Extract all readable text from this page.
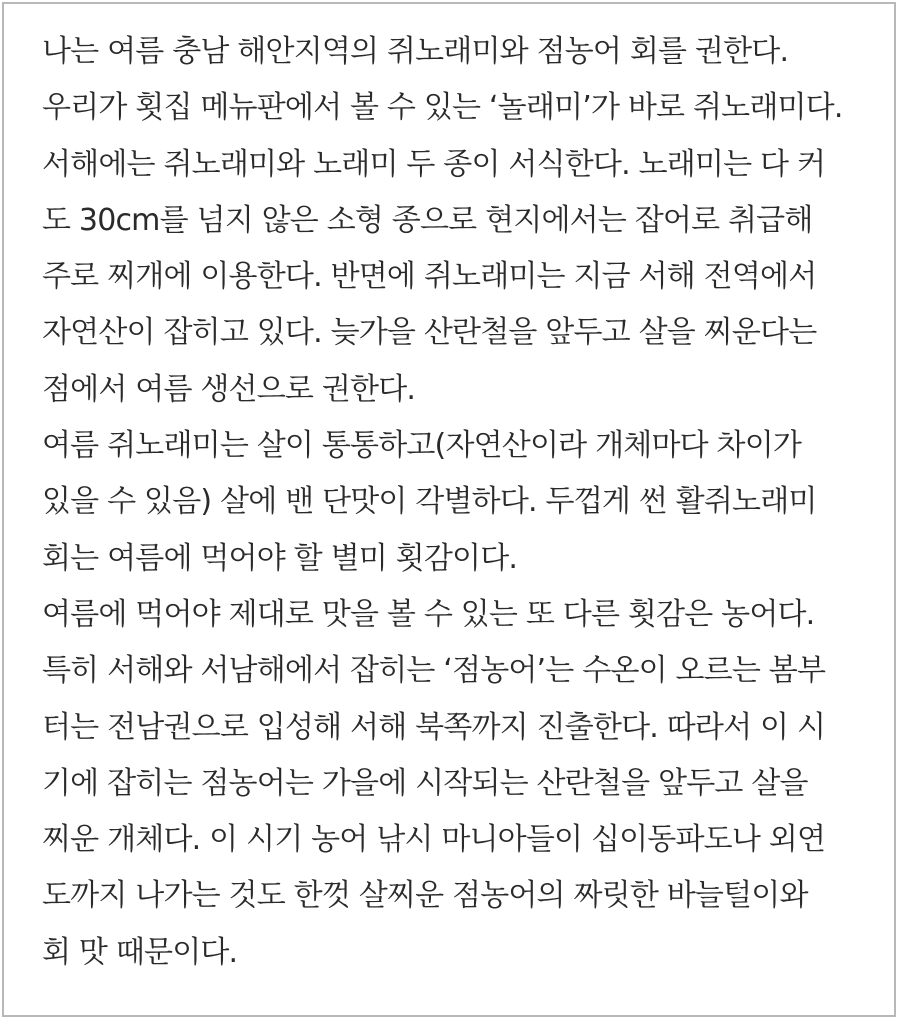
나는 여름 충남 해안지역의 쥐노래미와 점농어 회를 권한다.
우리가 횟집 메뉴판에서 볼 수 있는 ‘놀래미’가 바로 쥐노래미다.
서해에는 쥐노래미와 노래미 두 종이 서식한다. 노래미는 다 커
도 30cm를 넘지 않은 소형 종으로 현지에서는 잡어로 취급해
주로 찌개에 이용한다. 반면에 쥐노래미는 지금 서해 전역에서
자연산이 잡히고 있다. 늦가을 산란철을 앞두고 살을 찌운다는
점에서 여름 생선으로 권한다.
여름 쥐노래미는 살이 통통하고(자연산이라 개체마다 차이가
있을 수 있음) 살에 밴 단맛이 각별하다. 두껍게 썬 활쥐노래미
회는 여름에 먹어야 할 별미 횟감이다.
여름에 먹어야 제대로 맛을 볼 수 있는 또 다른 횟감은 농어다.
특히 서해와 서남해에서 잡히는 ‘점농어’는 수온이 오르는 봄부
터는 전남권으로 입성해 서해 북쪽까지 진출한다. 따라서 이 시
기에 잡히는 점농어는 가을에 시작되는 산란철을 앞두고 살을
찌운 개체다. 이 시기 농어 낚시 마니아들이 십이동파도나 외연
도까지 나가는 것도 한껏 살찌운 점농어의 짜릿한 바늘털이와
회 맛 때문이다.
